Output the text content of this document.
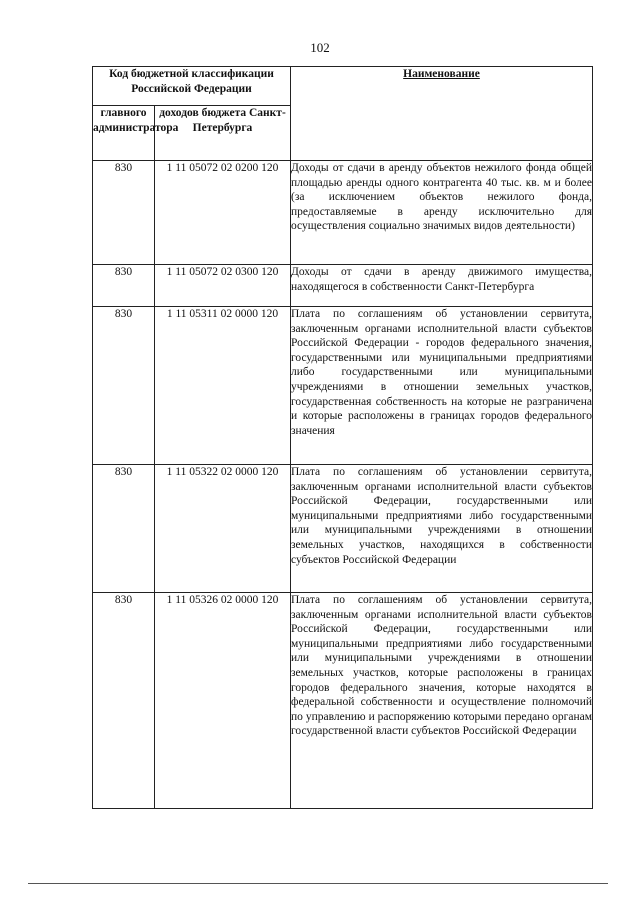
102
Код бюджетной классификации Российской Федерации		Наименование
главного администратора	доходов бюджета Санкт-Петербурга	
830	1 11 05072 02 0200 120	Доходы от сдачи в аренду объектов нежилого фонда общей площадью аренды одного контрагента 40 тыс. кв. м и более (за исключением объектов нежилого фонда, предоставляемые в аренду исключительно для осуществления социально значимых видов деятельности)
830	1 11 05072 02 0300 120	Доходы от сдачи в аренду движимого имущества, находящегося в собственности Санкт-Петербурга
830	1 11 05311 02 0000 120	Плата по соглашениям об установлении сервитута, заключенным органами исполнительной власти субъектов Российской Федерации - городов федерального значения, государственными или муниципальными предприятиями либо государственными или муниципальными учреждениями в отношении земельных участков, государственная собственность на которые не разграничена и которые расположены в границах городов федерального значения
830	1 11 05322 02 0000 120	Плата по соглашениям об установлении сервитута, заключенным органами исполнительной власти субъектов Российской Федерации, государственными или муниципальными предприятиями либо государственными или муниципальными учреждениями в отношении земельных участков, находящихся в собственности субъектов Российской Федерации
830	1 11 05326 02 0000 120	Плата по соглашениям об установлении сервитута, заключенным органами исполнительной власти субъектов Российской Федерации, государственными или муниципальными предприятиями либо государственными или муниципальными учреждениями в отношении земельных участков, которые расположены в границах городов федерального значения, которые находятся в федеральной собственности и осуществление полномочий по управлению и распоряжению которыми передано органам государственной власти субъектов Российской Федерации
